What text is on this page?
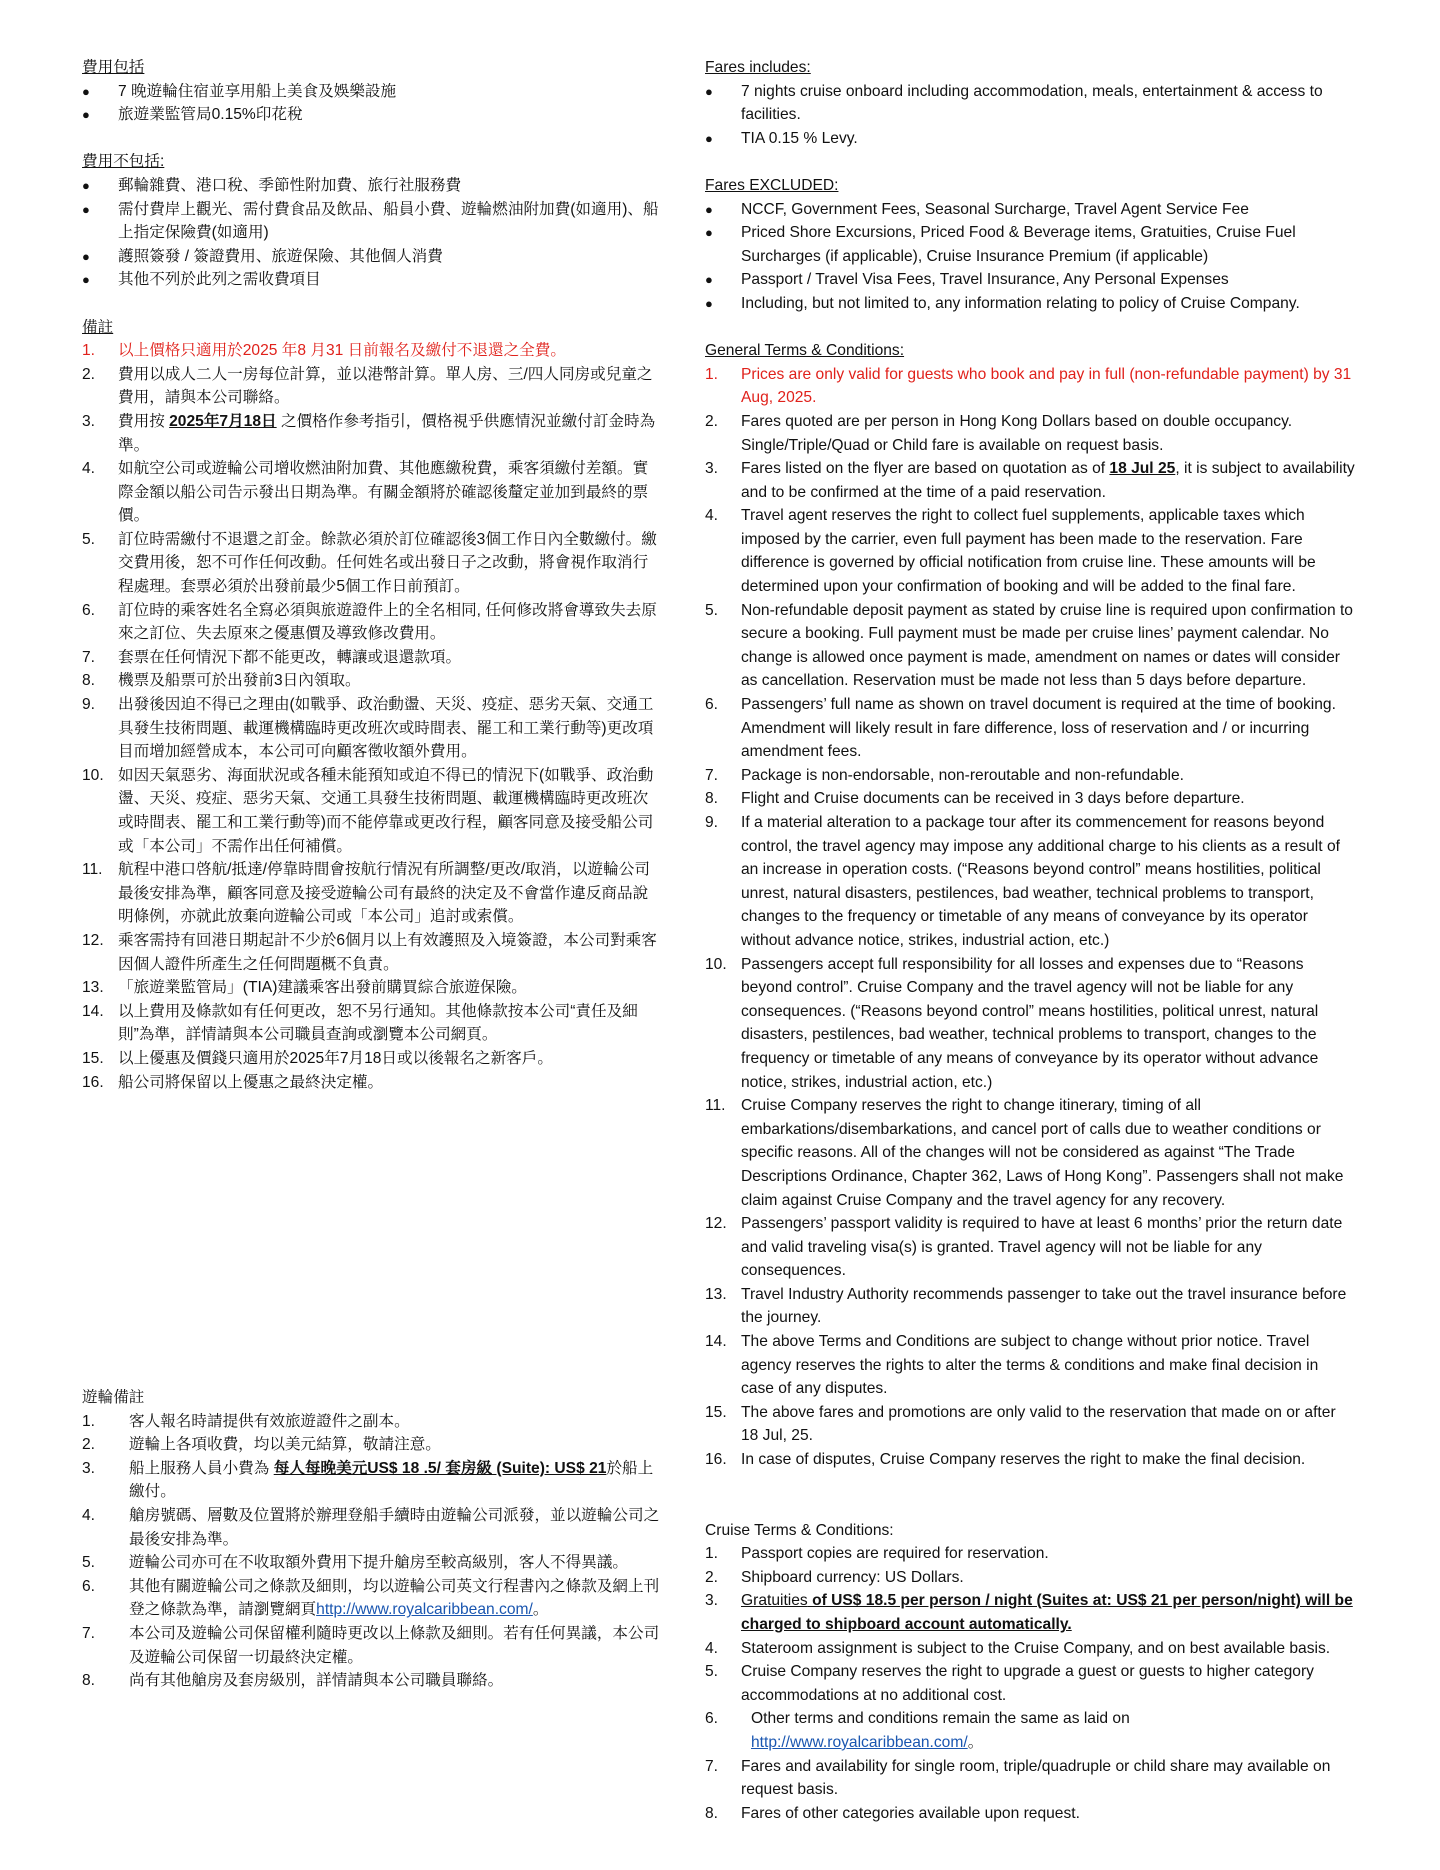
費用包括

●	7 晚遊輪住宿並享用船上美食及娛樂設施
●	旅遊業監管局0.15%印花稅

費用不包括:

●	郵輪雜費、港口稅、季節性附加費、旅行社服務費
●	需付費岸上觀光、需付費食品及飲品、船員小費、遊輪燃油附加費(如適用)、船上指定保險費(如適用)
●	護照簽發 / 簽證費用、旅遊保險、其他個人消費
●	其他不列於此列之需收費項目

備註

1.	以上價格只適用於2025 年8 月31 日前報名及繳付不退還之全費。
2.	費用以成人二人一房每位計算，並以港幣計算。單人房、三/四人同房或兒童之費用，請與本公司聯絡。
3.	費用按 2025年7月18日 之價格作參考指引，價格視乎供應情況並繳付訂金時為準。
4.	如航空公司或遊輪公司增收燃油附加費、其他應繳稅費，乘客須繳付差額。實際金額以船公司告示發出日期為準。有關金額將於確認後釐定並加到最終的票價。
5.	訂位時需繳付不退還之訂金。餘款必須於訂位確認後3個工作日內全數繳付。繳交費用後，恕不可作任何改動。任何姓名或出發日子之改動，將會視作取消行程處理。套票必須於出發前最少5個工作日前預訂。
6.	訂位時的乘客姓名全寫必須與旅遊證件上的全名相同, 任何修改將會導致失去原來之訂位、失去原來之優惠價及導致修改費用。
7.	套票在任何情況下都不能更改，轉讓或退還款項。
8.	機票及船票可於出發前3日內領取。
9.	出發後因迫不得已之理由(如戰爭、政治動盪、天災、疫症、惡劣天氣、交通工具發生技術問題、載運機構臨時更改班次或時間表、罷工和工業行動等)更改項目而增加經營成本，本公司可向顧客徵收額外費用。
10. 如因天氣惡劣、海面狀況或各種未能預知或迫不得已的情況下(如戰爭、政治動盪、天災、疫症、惡劣天氣、交通工具發生技術問題、載運機構臨時更改班次或時間表、罷工和工業行動等)而不能停靠或更改行程，顧客同意及接受船公司或「本公司」不需作出任何補償。
11. 航程中港口啓航/抵達/停靠時間會按航行情況有所調整/更改/取消，以遊輪公司最後安排為準，顧客同意及接受遊輪公司有最終的決定及不會當作違反商品說明條例，亦就此放棄向遊輪公司或「本公司」追討或索償。
12. 乘客需持有回港日期起計不少於6個月以上有效護照及入境簽證，本公司對乘客因個人證件所產生之任何問題概不負責。
13. 「旅遊業監管局」(TIA)建議乘客出發前購買綜合旅遊保險。
14. 以上費用及條款如有任何更改，恕不另行通知。其他條款按本公司“責任及細則”為準，詳情請與本公司職員查詢或瀏覽本公司網頁。
15. 以上優惠及價錢只適用於2025年7月18日或以後報名之新客戶。
16. 船公司將保留以上優惠之最終決定權。

遊輪備註

1.	客人報名時請提供有效旅遊證件之副本。
2.	遊輪上各項收費，均以美元結算，敬請注意。
3.	船上服務人員小費為 每人每晚美元US$ 18 .5/ 套房級 (Suite): US$ 21於船上繳付。
4.	艙房號碼、層數及位置將於辦理登船手續時由遊輪公司派發，並以遊輪公司之最後安排為準。
5.	遊輪公司亦可在不收取額外費用下提升艙房至較高級別，客人不得異議。
6.	其他有關遊輪公司之條款及細則，均以遊輪公司英文行程書內之條款及網上刊登之條款為準，請瀏覽網頁http://www.royalcaribbean.com/。
7.	本公司及遊輪公司保留權利隨時更改以上條款及細則。若有任何異議，本公司及遊輪公司保留一切最終決定權。
8.	尚有其他艙房及套房級別，詳情請與本公司職員聯絡。

Fares includes:

●	7 nights cruise onboard including accommodation, meals, entertainment & access to facilities.
●	TIA 0.15 % Levy.

Fares EXCLUDED:

●	NCCF, Government Fees, Seasonal Surcharge, Travel Agent Service Fee
●	Priced Shore Excursions, Priced Food & Beverage items, Gratuities, Cruise Fuel Surcharges (if applicable), Cruise Insurance Premium (if applicable)
●	Passport / Travel Visa Fees, Travel Insurance, Any Personal Expenses
●	Including, but not limited to, any information relating to policy of Cruise Company.

General Terms & Conditions:

1.	Prices are only valid for guests who book and pay in full (non-refundable payment) by 31 Aug, 2025.
2.	Fares quoted are per person in Hong Kong Dollars based on double occupancy. Single/Triple/Quad or Child fare is available on request basis.
3.	Fares listed on the flyer are based on quotation as of 18 Jul 25, it is subject to availability and to be confirmed at the time of a paid reservation.
4.	Travel agent reserves the right to collect fuel supplements, applicable taxes which imposed by the carrier, even full payment has been made to the reservation. Fare difference is governed by official notification from cruise line. These amounts will be determined upon your confirmation of booking and will be added to the final fare.
5.	Non-refundable deposit payment as stated by cruise line is required upon confirmation to secure a booking. Full payment must be made per cruise lines’ payment calendar. No change is allowed once payment is made, amendment on names or dates will consider as cancellation. Reservation must be made not less than 5 days before departure.
6.	Passengers’ full name as shown on travel document is required at the time of booking. Amendment will likely result in fare difference, loss of reservation and / or incurring amendment fees.
7.	Package is non-endorsable, non-reroutable and non-refundable.
8.	Flight and Cruise documents can be received in 3 days before departure.
9.	If a material alteration to a package tour after its commencement for reasons beyond control, the travel agency may impose any additional charge to his clients as a result of an increase in operation costs. (“Reasons beyond control” means hostilities, political unrest, natural disasters, pestilences, bad weather, technical problems to transport, changes to the frequency or timetable of any means of conveyance by its operator without advance notice, strikes, industrial action, etc.)
10. Passengers accept full responsibility for all losses and expenses due to “Reasons beyond control”. Cruise Company and the travel agency will not be liable for any consequences. (“Reasons beyond control” means hostilities, political unrest, natural disasters, pestilences, bad weather, technical problems to transport, changes to the frequency or timetable of any means of conveyance by its operator without advance notice, strikes, industrial action, etc.)
11. Cruise Company reserves the right to change itinerary, timing of all embarkations/disembarkations, and cancel port of calls due to weather conditions or specific reasons. All of the changes will not be considered as against “The Trade Descriptions Ordinance, Chapter 362, Laws of Hong Kong”. Passengers shall not make claim against Cruise Company and the travel agency for any recovery.
12. Passengers’ passport validity is required to have at least 6 months’ prior the return date and valid traveling visa(s) is granted. Travel agency will not be liable for any consequences.
13. Travel Industry Authority recommends passenger to take out the travel insurance before the journey.
14. The above Terms and Conditions are subject to change without prior notice. Travel agency reserves the rights to alter the terms & conditions and make final decision in case of any disputes.
15. The above fares and promotions are only valid to the reservation that made on or after 18 Jul, 25.
16. In case of disputes, Cruise Company reserves the right to make the final decision.

Cruise Terms & Conditions:

1.	Passport copies are required for reservation.
2.	Shipboard currency: US Dollars.
3.	Gratuities of US$ 18.5 per person / night (Suites at: US$ 21 per person/night) will be charged to shipboard account automatically.
4.	Stateroom assignment is subject to the Cruise Company, and on best available basis.
5.	Cruise Company reserves the right to upgrade a guest or guests to higher category accommodations at no additional cost.
6.	Other terms and conditions remain the same as laid on http://www.royalcaribbean.com/。
7.	Fares and availability for single room, triple/quadruple or child share may available on request basis.
8.	Fares of other categories available upon request.
